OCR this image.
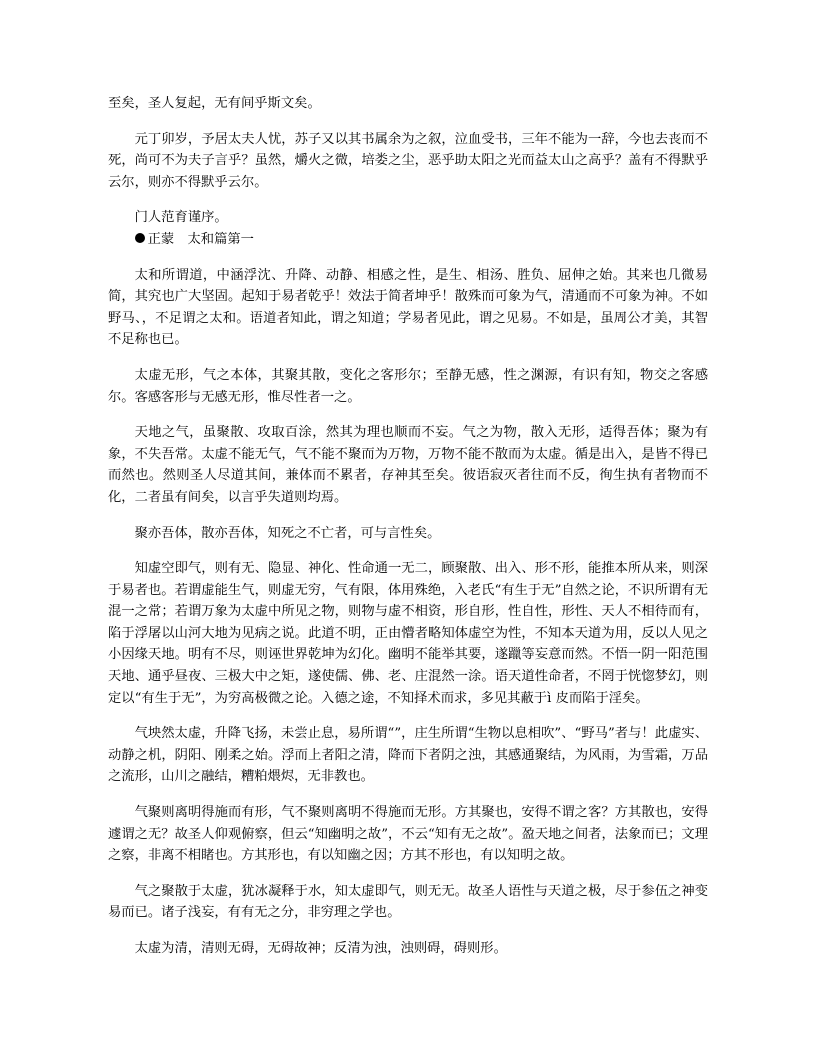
至矣，圣人复起，无有间乎斯文矣。

元丁卯岁，予居太夫人忧，苏子又以其书属余为之叙，泣血受书，三年不能为一辞，今也去丧而不死，尚可不为夫子言乎？虽然，爝火之微，培娄之尘，恶乎助太阳之光而益太山之高乎？盖有不得默乎云尔，则亦不得默乎云尔。

门人范育谨序。

正蒙 太和篇第一

太和所谓道，中涵浮沈、升降、动静、相感之性，是生、相汤、胜负、屈伸之始。其来也几微易简，其究也广大坚固。起知于易者乾乎！效法于简者坤乎！散殊而可象为气，清通而不可象为神。不如野马、，不足谓之太和。语道者知此，谓之知道；学易者见此，谓之见易。不如是，虽周公才美，其智不足称也已。

太虚无形，气之本体，其聚其散，变化之客形尔；至静无感，性之渊源，有识有知，物交之客感尔。客感客形与无感无形，惟尽性者一之。

天地之气，虽聚散、攻取百涂，然其为理也顺而不妄。气之为物，散入无形，适得吾体；聚为有象，不失吾常。太虚不能无气，气不能不聚而为万物，万物不能不散而为太虚。循是出入，是皆不得已而然也。然则圣人尽道其间，兼体而不累者，存神其至矣。彼语寂灭者往而不反，徇生执有者物而不化，二者虽有间矣，以言乎失道则均焉。

聚亦吾体，散亦吾体，知死之不亡者，可与言性矣。

知虚空即气，则有无、隐显、神化、性命通一无二，顾聚散、出入、形不形，能推本所从来，则深于易者也。若谓虚能生气，则虚无穷，气有限，体用殊绝，入老氏“有生于无”自然之论，不识所谓有无混一之常；若谓万象为太虚中所见之物，则物与虚不相资，形自形，性自性，形性、天人不相待而有，陷于浮屠以山河大地为见病之说。此道不明，正由懵者略知体虚空为性，不知本天道为用，反以人见之小因缘天地。明有不尽，则诬世界乾坤为幻化。幽明不能举其要，遂躐等妄意而然。不悟一阴一阳范围天地、通乎昼夜、三极大中之矩，遂使儒、佛、老、庄混然一涂。语天道性命者，不罔于恍惚梦幻，则定以“有生于无”，为穷高极微之论。入德之途，不知择术而求，多见其蔽于ì 皮而陷于淫矣。

气坱然太虚，升降飞扬，未尝止息，易所谓“”，庄生所谓“生物以息相吹”、“野马”者与！此虚实、动静之机，阴阳、刚柔之始。浮而上者阳之清，降而下者阴之浊，其感通聚结，为风雨，为雪霜，万品之流形，山川之融结，糟粕煨烬，无非教也。

气聚则离明得施而有形，气不聚则离明不得施而无形。方其聚也，安得不谓之客？方其散也，安得遽谓之无？故圣人仰观俯察，但云“知幽明之故”，不云“知有无之故”。盈天地之间者，法象而已；文理之察，非离不相睹也。方其形也，有以知幽之因；方其不形也，有以知明之故。

气之聚散于太虚，犹冰凝释于水，知太虚即气，则无无。故圣人语性与天道之极，尽于参伍之神变易而已。诸子浅妄，有有无之分，非穷理之学也。

太虚为清，清则无碍，无碍故神；反清为浊，浊则碍，碍则形。
